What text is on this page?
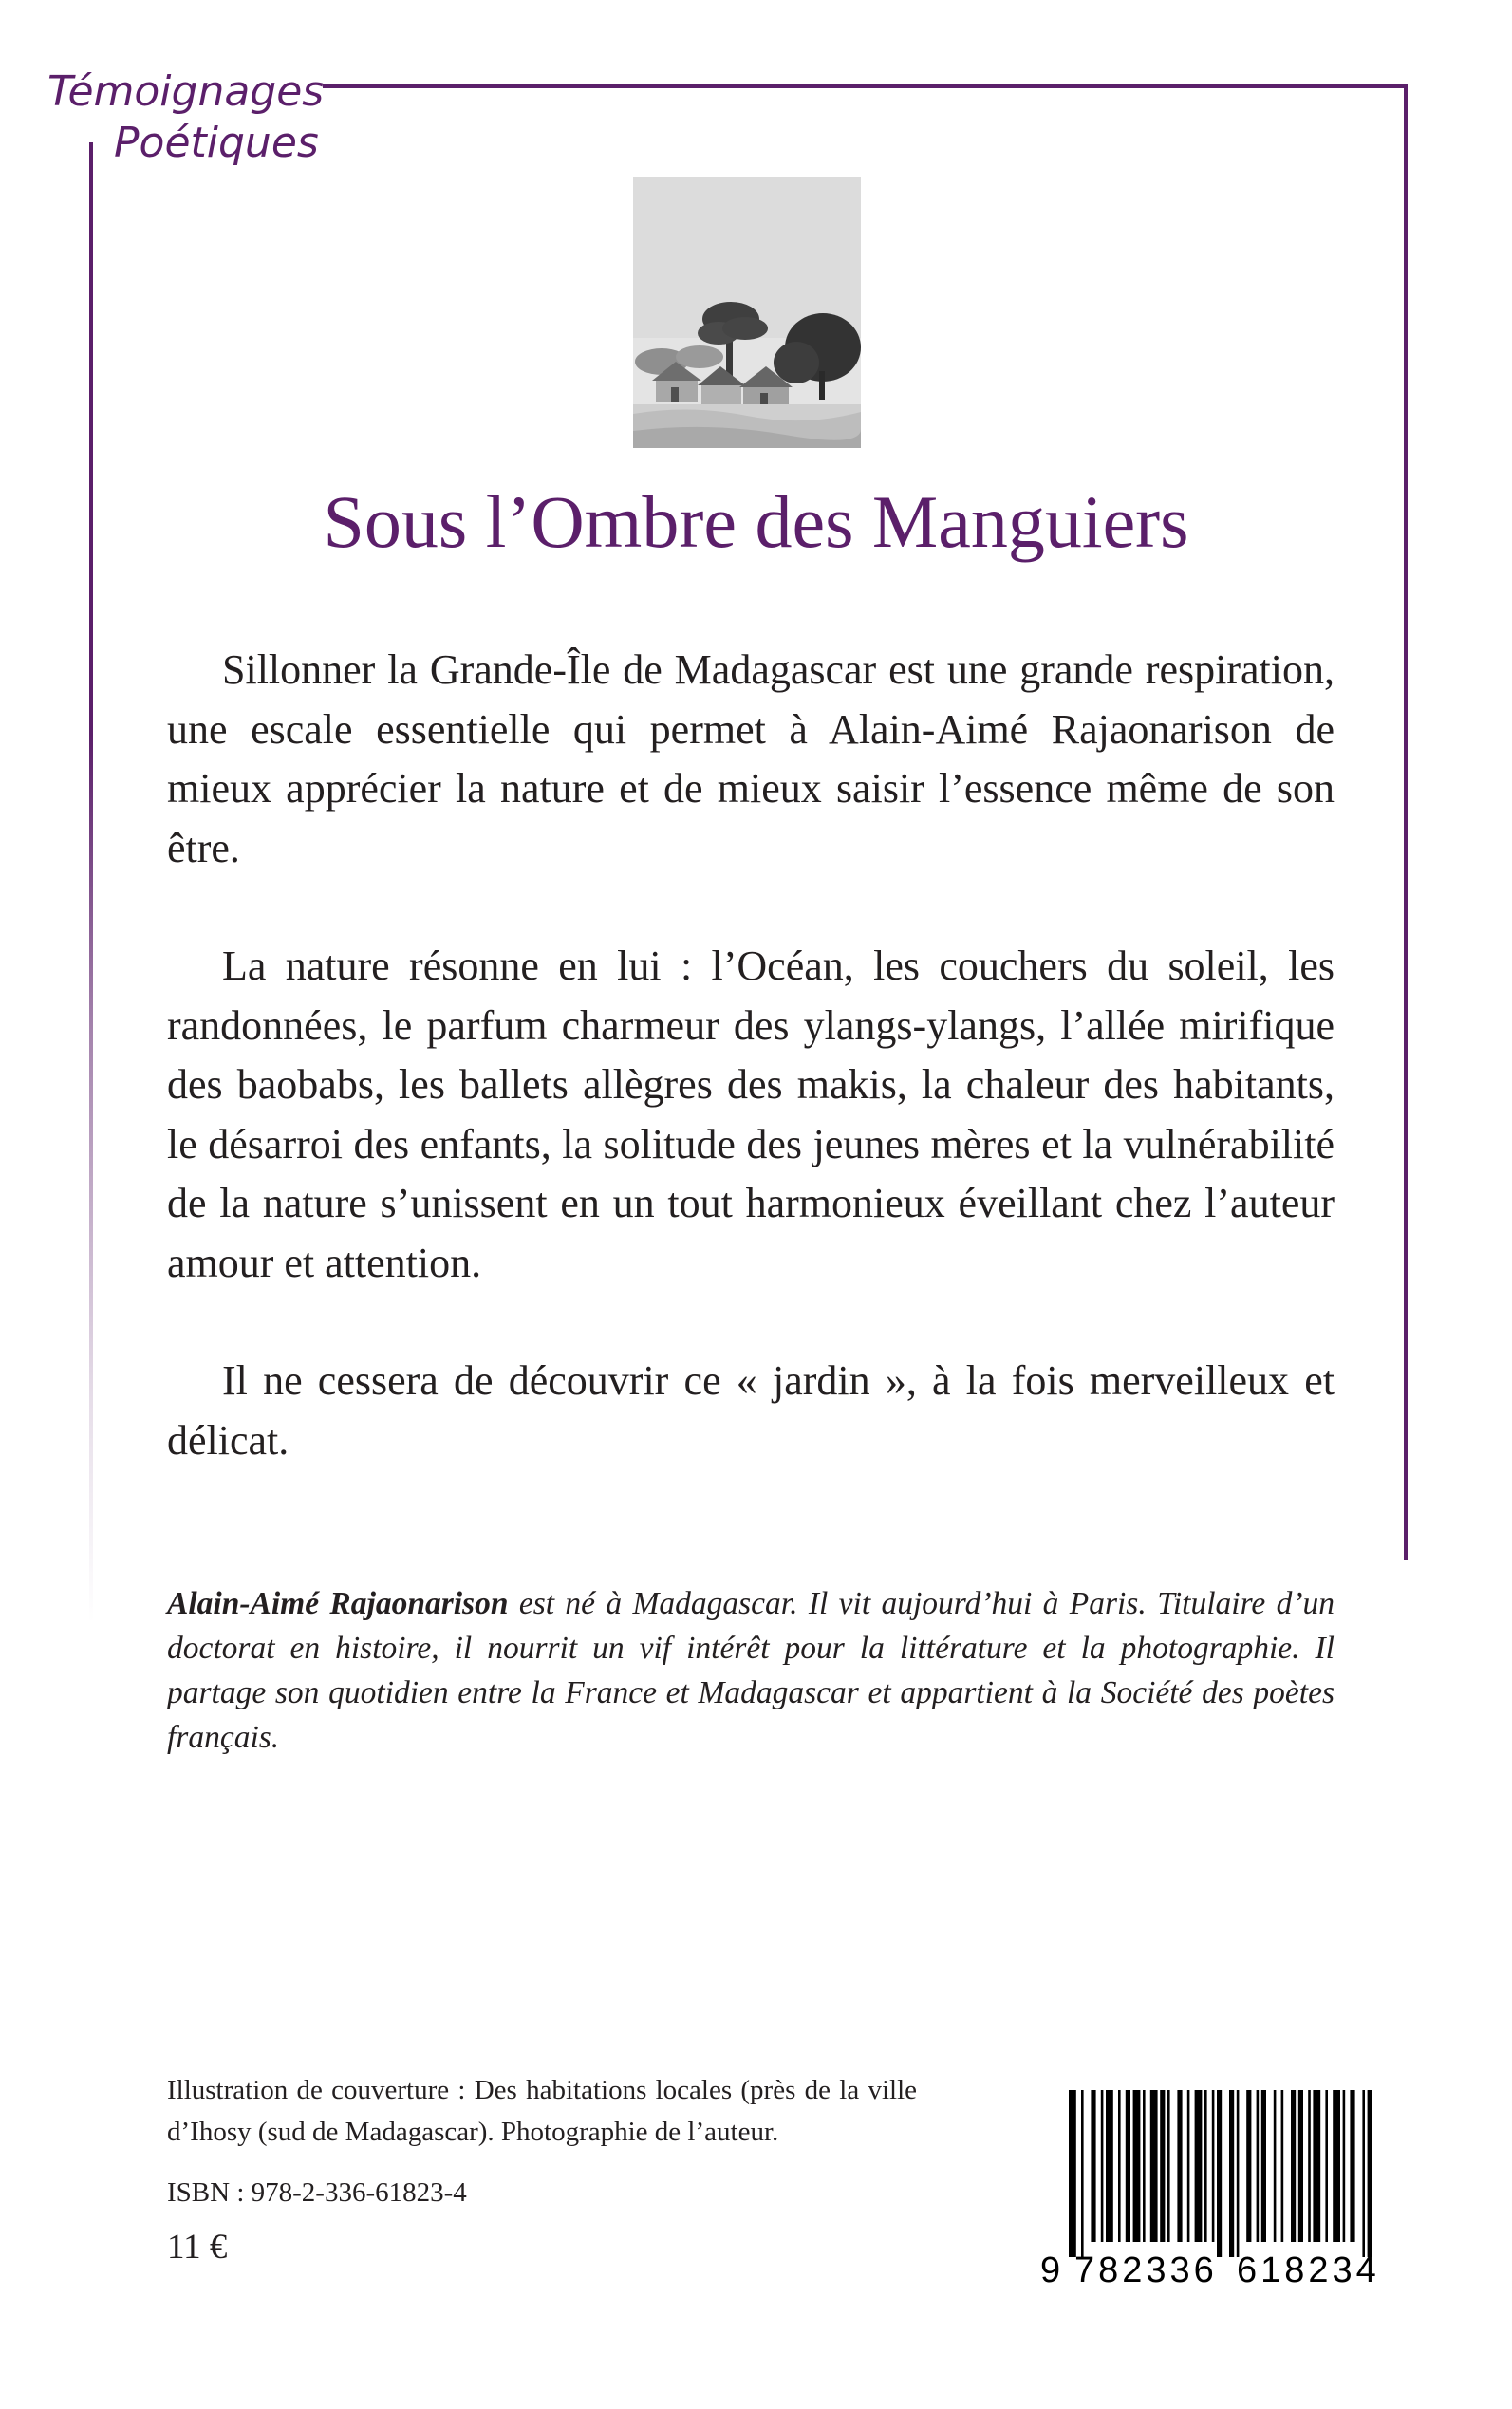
Témoignages
Poétiques
Sous l’Ombre des Manguiers

Sillonner la Grande-Île de Madagascar est une grande respiration, une escale essentielle qui permet à Alain-Aimé Rajaonarison de mieux apprécier la nature et de mieux saisir l’essence même de son être.

La nature résonne en lui : l’Océan, les couchers du soleil, les randonnées, le parfum charmeur des ylangs-ylangs, l’allée mirifique des baobabs, les ballets allègres des makis, la chaleur des habitants, le désarroi des enfants, la solitude des jeunes mères et la vulnérabilité de la nature s’unissent en un tout harmonieux éveillant chez l’auteur amour et attention.

Il ne cessera de découvrir ce « jardin », à la fois merveilleux et délicat.

Alain-Aimé Rajaonarison est né à Madagascar. Il vit aujourd’hui à Paris. Titulaire d’un doctorat en histoire, il nourrit un vif intérêt pour la littérature et la photographie. Il partage son quotidien entre la France et Madagascar et appartient à la Société des poètes français.
Illustration de couverture : Des habitations locales (près de la ville d’Ihosy (sud de Madagascar). Photographie de l’auteur.
ISBN : 978-2-336-61823-4
11 €
9 782336 618234
